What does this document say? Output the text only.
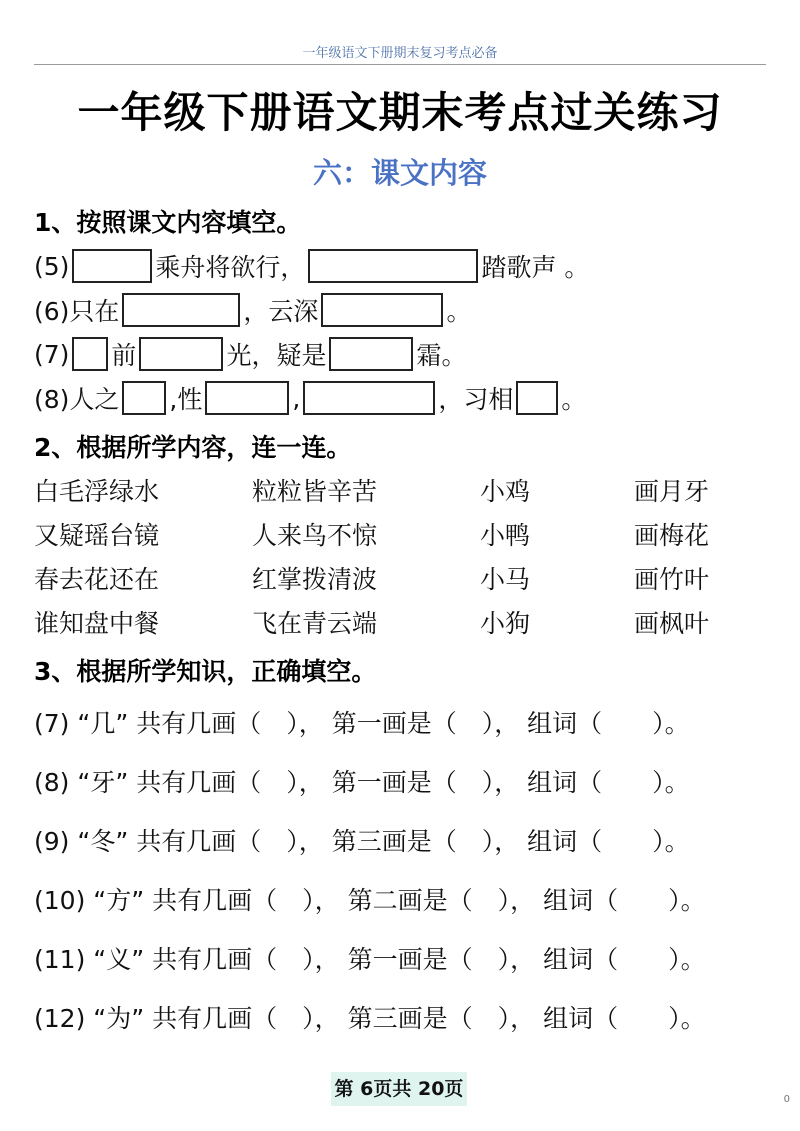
一年级语文下册期末复习考点必备
一年级下册语文期末考点过关练习
六：课文内容
1、按照课文内容填空。
(5)	乘舟将欲行，	踏歌声 。
(6)只在	，云深	。
(7) 前	光，疑是	霜。
(8)人之 ,性	,	，习相 。
2、根据所学内容，连一连。
白毛浮绿水	粒粒皆辛苦	小鸡	画月牙
又疑瑶台镜	人来鸟不惊	小鸭	画梅花
春去花还在	红掌拨清波	小马	画竹叶
谁知盘中餐	飞在青云端	小狗	画枫叶
3、根据所学知识，正确填空。
(7) “几” 共有几画（　）， 第一画是（　）， 组词（　　）。
(8) “牙” 共有几画（　）， 第一画是（　）， 组词（　　）。
(9) “冬” 共有几画（　）， 第三画是（　）， 组词（　　）。
(10) “方” 共有几画（　）， 第二画是（　）， 组词（　　）。
(11) “义” 共有几画（　）， 第一画是（　）， 组词（　　）。
(12) “为” 共有几画（　）， 第三画是（　）， 组词（　　）。
第 6页共 20页	0
